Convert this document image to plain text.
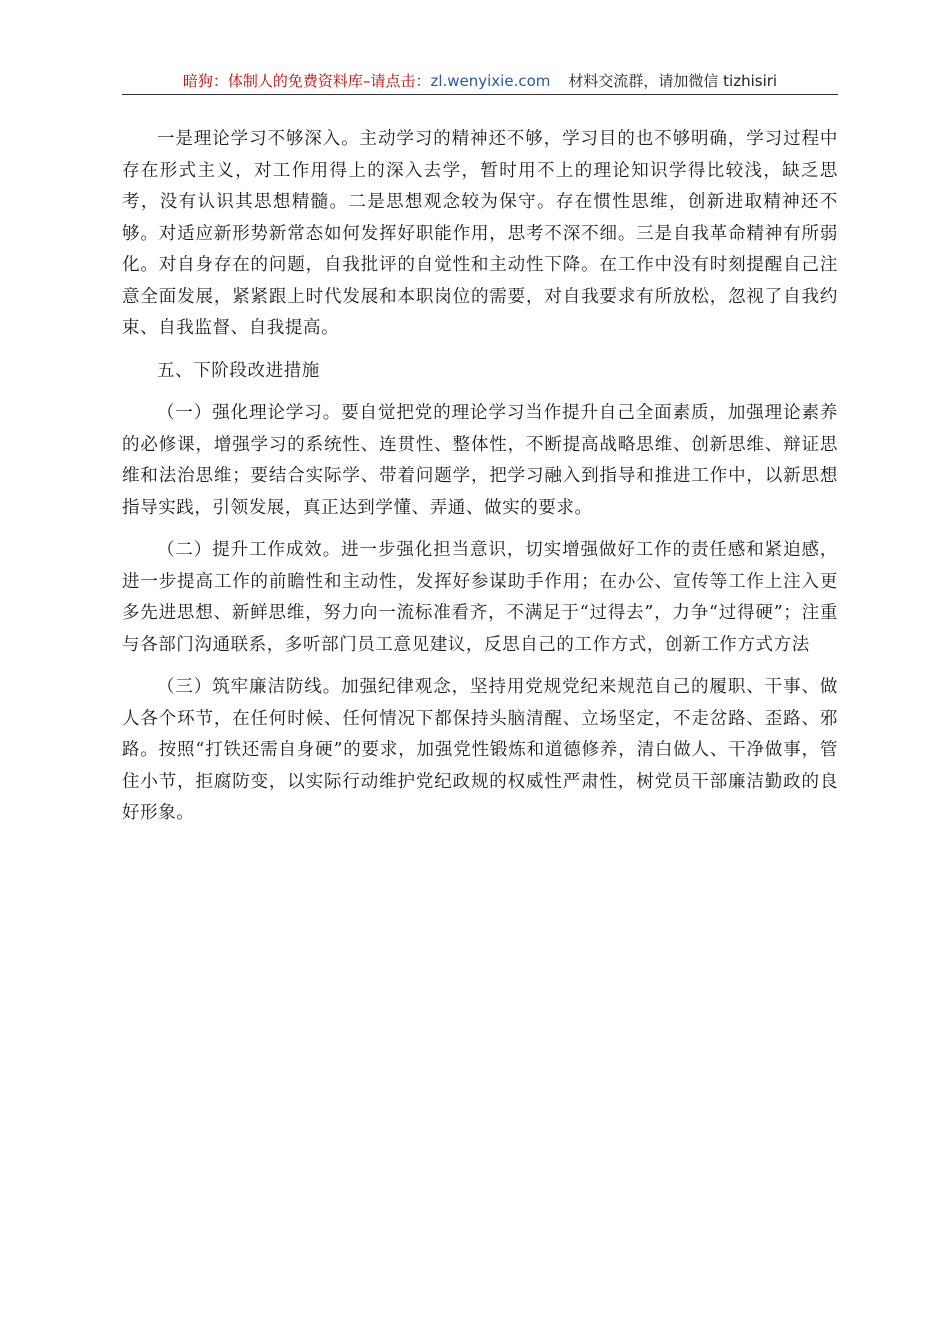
暗狗：体制人的免费资料库–请点击：zl.wenyixie.com 材料交流群，请加微信 tizhisiri

一是理论学习不够深入。主动学习的精神还不够，学习目的也不够明确，学习过程中存在形式主义，对工作用得上的深入去学，暂时用不上的理论知识学得比较浅，缺乏思考，没有认识其思想精髓。二是思想观念较为保守。存在惯性思维，创新进取精神还不够。对适应新形势新常态如何发挥好职能作用，思考不深不细。三是自我革命精神有所弱化。对自身存在的问题，自我批评的自觉性和主动性下降。在工作中没有时刻提醒自己注意全面发展，紧紧跟上时代发展和本职岗位的需要，对自我要求有所放松，忽视了自我约束、自我监督、自我提高。

五、下阶段改进措施

（一）强化理论学习。要自觉把党的理论学习当作提升自己全面素质，加强理论素养的必修课，增强学习的系统性、连贯性、整体性，不断提高战略思维、创新思维、辩证思维和法治思维；要结合实际学、带着问题学，把学习融入到指导和推进工作中，以新思想指导实践，引领发展，真正达到学懂、弄通、做实的要求。

（二）提升工作成效。进一步强化担当意识，切实增强做好工作的责任感和紧迫感，进一步提高工作的前瞻性和主动性，发挥好参谋助手作用；在办公、宣传等工作上注入更多先进思想、新鲜思维，努力向一流标准看齐，不满足于“过得去”，力争“过得硬”；注重与各部门沟通联系，多听部门员工意见建议，反思自己的工作方式，创新工作方式方法

（三）筑牢廉洁防线。加强纪律观念，坚持用党规党纪来规范自己的履职、干事、做人各个环节，在任何时候、任何情况下都保持头脑清醒、立场坚定，不走岔路、歪路、邪路。按照“打铁还需自身硬”的要求，加强党性锻炼和道德修养，清白做人、干净做事，管住小节，拒腐防变，以实际行动维护党纪政规的权威性严肃性，树党员干部廉洁勤政的良好形象。
